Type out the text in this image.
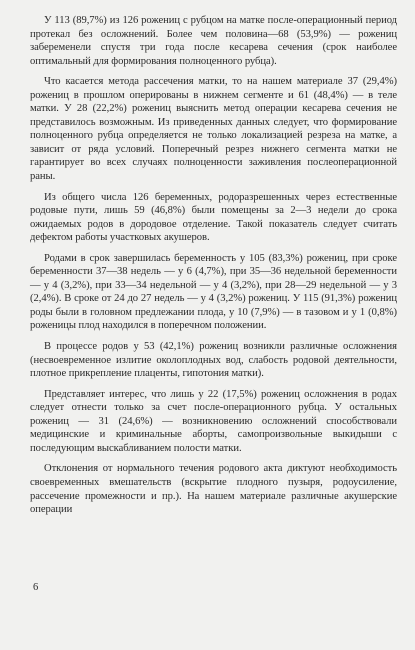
У 113 (89,7%) из 126 рожениц с рубцом на матке после-операционный период протекал без осложнений. Более чем половина—68 (53,9%) — рожениц забеременели спустя три года после кесарева сечения (срок наиболее оптимальный для формирования полноценного рубца).

Что касается метода рассечения матки, то на нашем материале 37 (29,4%) рожениц в прошлом оперированы в нижнем сегменте и 61 (48,4%) — в теле матки. У 28 (22,2%) рожениц выяснить метод операции кесарева сечения не представилось возможным. Из приведенных данных следует, что формирование полноценного рубца определяется не только локализацией резреза на матке, а зависит от ряда условий. Поперечный резрез нижнего сегмента матки не гарантирует во всех случаях полноценности заживления послеоперационной раны.

Из общего числа 126 беременных, родоразрешенных через естественные родовые пути, лишь 59 (46,8%) были помещены за 2—3 недели до срока ожидаемых родов в дородовое отделение. Такой показатель следует считать дефектом работы участковых акушеров.

Родами в срок завершилась беременность у 105 (83,3%) рожениц, при сроке беременности 37—38 недель — у 6 (4,7%), при 35—36 недельной беременности — у 4 (3,2%), при 33—34 недельной — у 4 (3,2%), при 28—29 недельной — у 3 (2,4%). В сроке от 24 до 27 недель — у 4 (3,2%) рожениц. У 115 (91,3%) рожениц роды были в головном предлежании плода, у 10 (7,9%) — в тазовом и у 1 (0,8%) роженицы плод находился в поперечном положении.

В процессе родов у 53 (42,1%) рожениц возникли различные осложнения (несвоевременное излитие околоплодных вод, слабость родовой деятельности, плотное прикрепление плаценты, гипотония матки).

Представляет интерес, что лишь у 22 (17,5%) рожениц осложнения в родах следует отнести только за счет после-операционного рубца. У остальных рожениц — 31 (24,6%) — возникновению осложнений способствовали медицинские и криминальные аборты, самопроизвольные выкидыши с последующим выскабливанием полости матки.

Отклонения от нормального течения родового акта диктуют необходимость своевременных вмешательств (вскрытие плодного пузыря, родоусиление, рассечение промежности и пр.). На нашем материале различные акушерские операции

6
